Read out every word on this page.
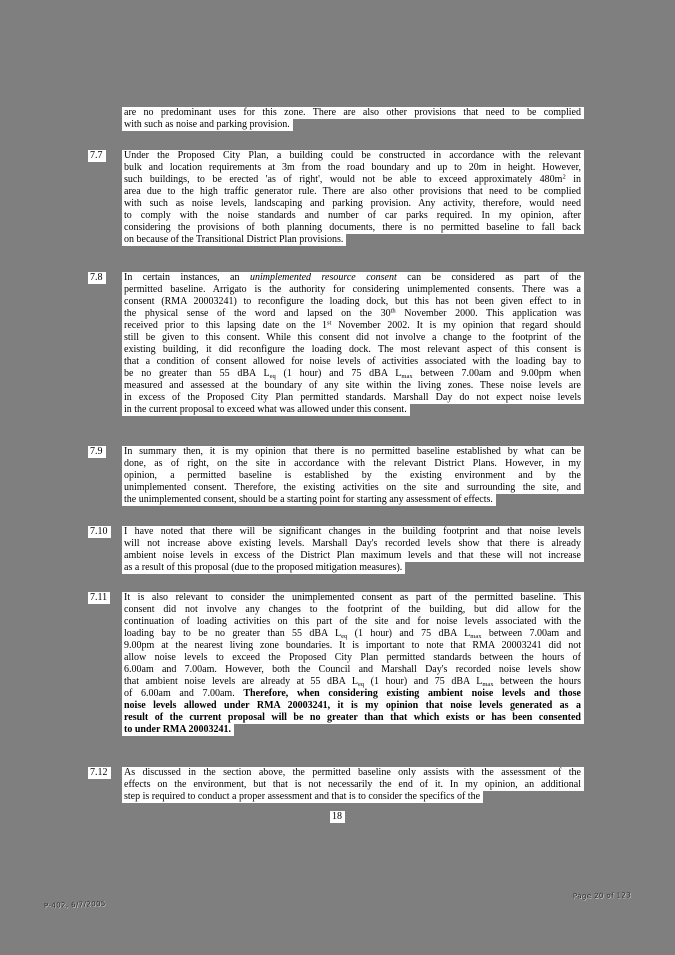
are no predominant uses for this zone. There are also other provisions that need to be complied
with such as noise and parking provision.
7.7	Under the Proposed City Plan, a building could be constructed in accordance with the relevant
bulk and location requirements at 3m from the road boundary and up to 20m in height. However,
such buildings, to be erected 'as of right', would not be able to exceed approximately $480m^2$ in
area due to the high traffic generator rule. There are also other provisions that need to be complied
with such as noise levels, landscaping and parking provision. Any activity, therefore, would need
to comply with the noise standards and number of car parks required. In my opinion, after
considering the provisions of both planning documents, there is no permitted baseline to fall back
on because of the Transitional District Plan provisions.
7.8	In certain instances, an unimplemented resource consent can be considered as part of the
permitted baseline. Arrigato is the authority for considering unimplemented consents. There was a
consent (RMA 20003241) to reconfigure the loading dock, but this has not been given effect to in
the physical sense of the word and lapsed on the 30th November 2000. This application was
received prior to this lapsing date on the 1st November 2002. It is my opinion that regard should
still be given to this consent. While this consent did not involve a change to the footprint of the
existing building, it did reconfigure the loading dock. The most relevant aspect of this consent is
that a condition of consent allowed for noise levels of activities associated with the loading bay to
be no greater than 55 dBA $L_{eq}$ (1 hour) and 75 dBA $L_{max}$ between 7.00am and 9.00pm when
measured and assessed at the boundary of any site within the living zones. These noise levels are
in excess of the Proposed City Plan permitted standards. Marshall Day do not expect noise levels
in the current proposal to exceed what was allowed under this consent.
7.9	In summary then, it is my opinion that there is no permitted baseline established by what can be
done, as of right, on the site in accordance with the relevant District Plans. However, in my
opinion, a permitted baseline is established by the existing environment and by the
unimplemented consent. Therefore, the existing activities on the site and surrounding the site, and
the unimplemented consent, should be a starting point for starting any assessment of effects.
7.10	I have noted that there will be significant changes in the building footprint and that noise levels
will not increase above existing levels. Marshall Day's recorded levels show that there is already
ambient noise levels in excess of the District Plan maximum levels and that these will not increase
as a result of this proposal (due to the proposed mitigation measures).
7.11	It is also relevant to consider the unimplemented consent as part of the permitted baseline. This
consent did not involve any changes to the footprint of the building, but did allow for the
continuation of loading activities on this part of the site and for noise levels associated with the
loading bay to be no greater than 55 dBA $L_{eq}$ (1 hour) and 75 dBA $L_{max}$ between 7.00am and
9.00pm at the nearest living zone boundaries. It is important to note that RMA 20003241 did not
allow noise levels to exceed the Proposed City Plan permitted standards between the hours of
6.00am and 7.00am. However, both the Council and Marshall Day's recorded noise levels show
that ambient noise levels are already at 55 dBA $L_{eq}$ (1 hour) and 75 dBA $L_{max}$ between the hours
of 6.00am and 7.00am. Therefore, when considering existing ambient noise levels and those
noise levels allowed under RMA 20003241, it is my opinion that noise levels generated as a
result of the current proposal will be no greater than that which exists or has been consented
to under RMA 20003241.
7.12	As discussed in the section above, the permitted baseline only assists with the assessment of the
effects on the environment, but that is not necessarily the end of it. In my opinion, an additional
step is required to conduct a proper assessment and that is to consider the specifics of the
18
P-402, 6/7/2005
Page 20 of 123
